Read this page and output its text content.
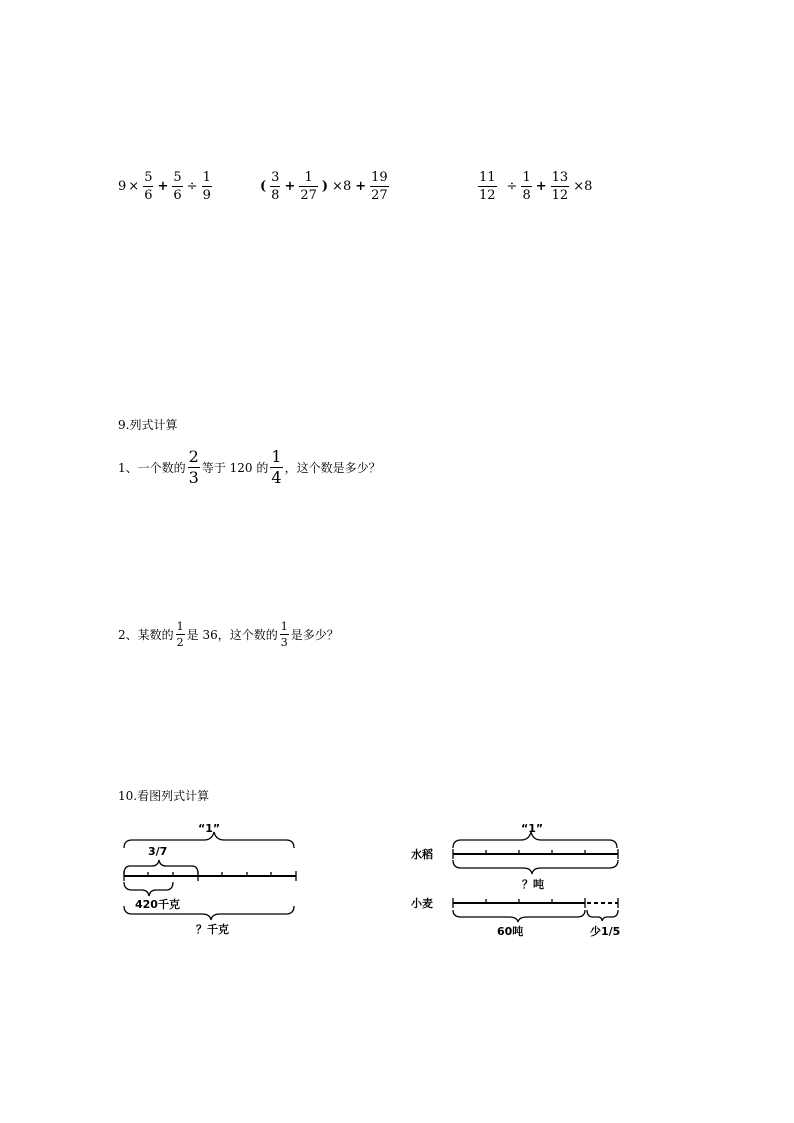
$9 \times \frac{5}{6} + \frac{5}{6} \div \frac{1}{9}$	( $\frac{3}{8} + \frac{1}{27}$ ) $\times 8 + \frac{19}{27}$	$\frac{11}{12} \div \frac{1}{8} + \frac{13}{12} \times 8$
9.列式计算
1、一个数的 $\frac{2}{3}$ 等于 120 的 $\frac{1}{4}$ ，这个数是多少？
2、某数的 $\frac{1}{2}$ 是 36，这个数的 $\frac{1}{3}$ 是多少？
10.看图列式计算
“1”
3/7
420千克
？千克
水稻
小麦
“1”
？吨
60吨	少1/5
